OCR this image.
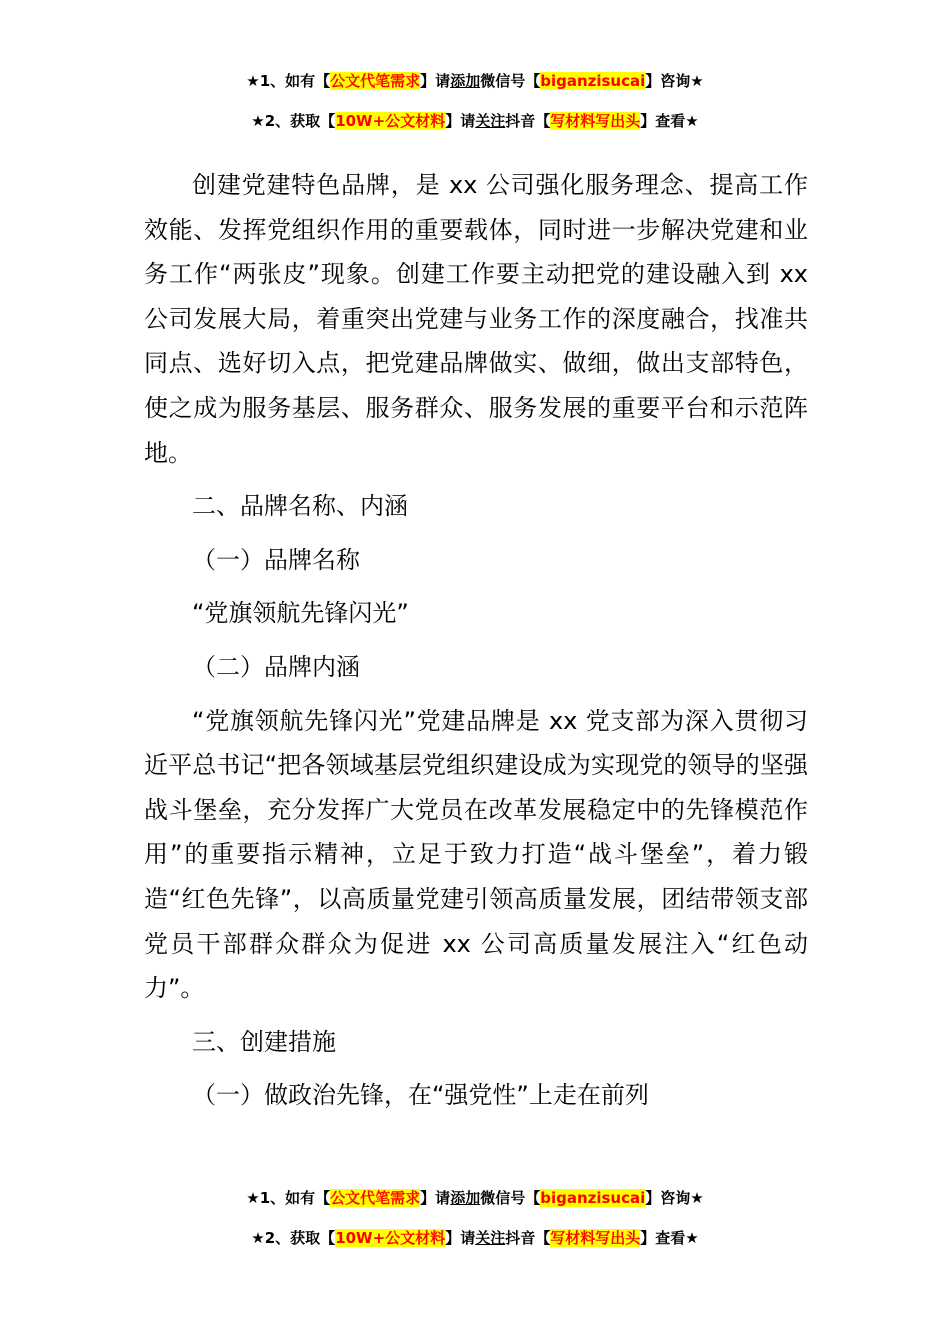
★1、如有【公文代笔需求】请添加微信号【biganzisucai】咨询★
★2、获取【10W+公文材料】请关注抖音【写材料写出头】查看★

创建党建特色品牌，是 xx 公司强化服务理念、提高工作效能、发挥党组织作用的重要载体，同时进一步解决党建和业务工作“两张皮”现象。创建工作要主动把党的建设融入到 xx 公司发展大局，着重突出党建与业务工作的深度融合，找准共同点、选好切入点，把党建品牌做实、做细，做出支部特色，使之成为服务基层、服务群众、服务发展的重要平台和示范阵地。

二、品牌名称、内涵

（一）品牌名称

“党旗领航先锋闪光”

（二）品牌内涵

“党旗领航先锋闪光”党建品牌是 xx 党支部为深入贯彻习近平总书记“把各领域基层党组织建设成为实现党的领导的坚强战斗堡垒，充分发挥广大党员在改革发展稳定中的先锋模范作用”的重要指示精神，立足于致力打造“战斗堡垒”，着力锻造“红色先锋”，以高质量党建引领高质量发展，团结带领支部党员干部群众群众为促进 xx 公司高质量发展注入“红色动力”。

三、创建措施

（一）做政治先锋，在“强党性”上走在前列

★1、如有【公文代笔需求】请添加微信号【biganzisucai】咨询★
★2、获取【10W+公文材料】请关注抖音【写材料写出头】查看★
